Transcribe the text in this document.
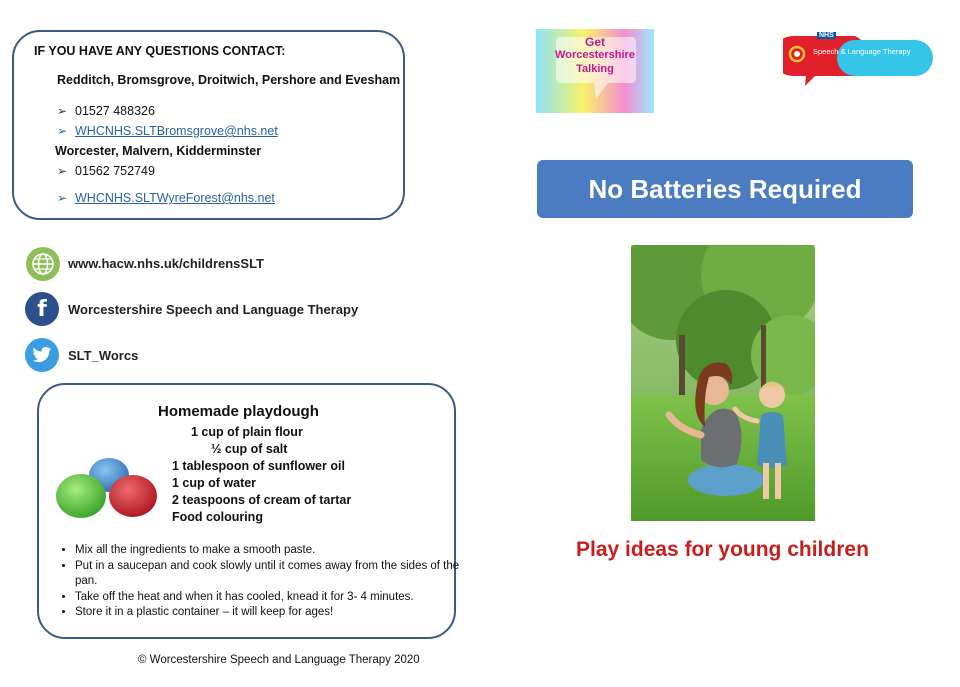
IF YOU HAVE ANY QUESTIONS CONTACT:
Redditch, Bromsgrove, Droitwich, Pershore and Evesham
➢ 01527 488326
➢ WHCNHS.SLTBromsgrove@nhs.net
Worcester, Malvern, Kidderminster
➢ 01562 752749
➢ WHCNHS.SLTWyreForest@nhs.net
www.hacw.nhs.uk/childrensSLT
f	Worcestershire Speech and Language Therapy
SLT_Worcs
Homemade playdough
1 cup of plain flour
½ cup of salt
1 tablespoon of sunflower oil
1 cup of water
2 teaspoons of cream of tartar
Food colouring
• Mix all the ingredients to make a smooth paste.
• Put in a saucepan and cook slowly until it comes away from the sides of the pan.
• Take off the heat and when it has cooled, knead it for 3- 4 minutes.
• Store it in a plastic container – it will keep for ages!
© Worcestershire Speech and Language Therapy 2020
Get
Worcestershire
Talking
NHS
Speech & Language Therapy
No Batteries Required
Play ideas for young children
